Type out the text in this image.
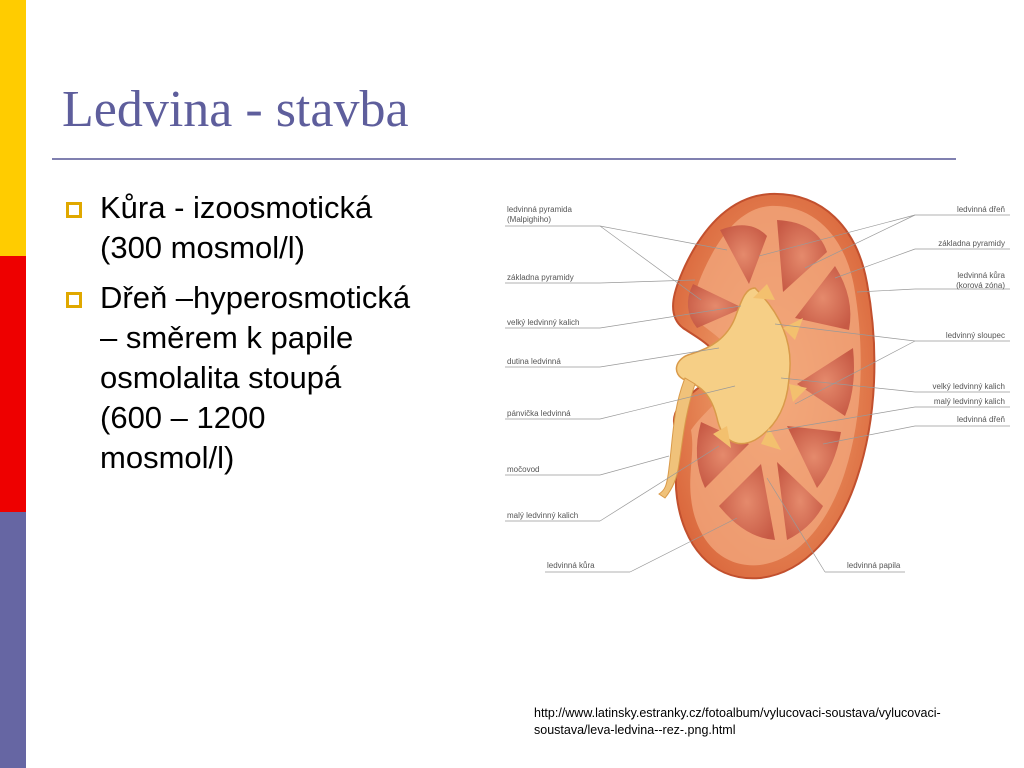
Ledvina - stavba
Kůra - izoosmotická
(300 mosmol/l)
Dřeň –hyperosmotická
– směrem k papile
osmolalita stoupá
(600 – 1200
mosmol/l)
ledvinná pyramida
(Malpighiho)
základna pyramidy
velký ledvinný kalich
dutina ledvinná
pánvička ledvinná
močovod
malý ledvinný kalich
ledvinná kůra
ledvinná dřeň
základna pyramidy
ledvinná kůra
(korová zóna)
ledvinný sloupec
velký ledvinný kalich
malý ledvinný kalich
ledvinná dřeň
ledvinná papila
http://www.latinsky.estranky.cz/fotoalbum/vylucovaci-soustava/vylucovaci-
soustava/leva-ledvina--rez-.png.html
